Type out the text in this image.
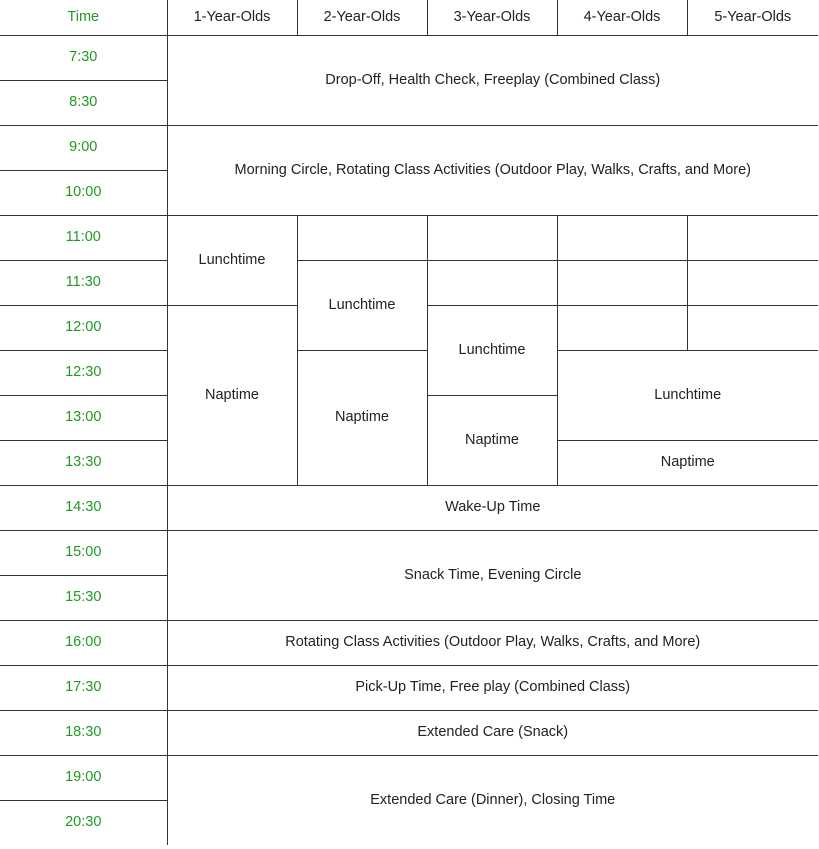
Time	1-Year-Olds	2-Year-Olds	3-Year-Olds	4-Year-Olds	5-Year-Olds
7:30	Drop-Off, Health Check, Freeplay (Combined Class)				
8:30					
9:00	Morning Circle, Rotating Class Activities (Outdoor Play, Walks, Crafts, and More)				
10:00					
11:00	Lunchtime				
11:30		Lunchtime			
12:00	Naptime		Lunchtime		
12:30		Naptime		Lunchtime	
13:00			Naptime		
13:30				Naptime	
14:30	Wake-Up Time				
15:00	Snack Time, Evening Circle				
15:30					
16:00	Rotating Class Activities (Outdoor Play, Walks, Crafts, and More)				
17:30	Pick-Up Time, Free play (Combined Class)				
18:30	Extended Care (Snack)				
19:00	Extended Care (Dinner), Closing Time				
20:30					
